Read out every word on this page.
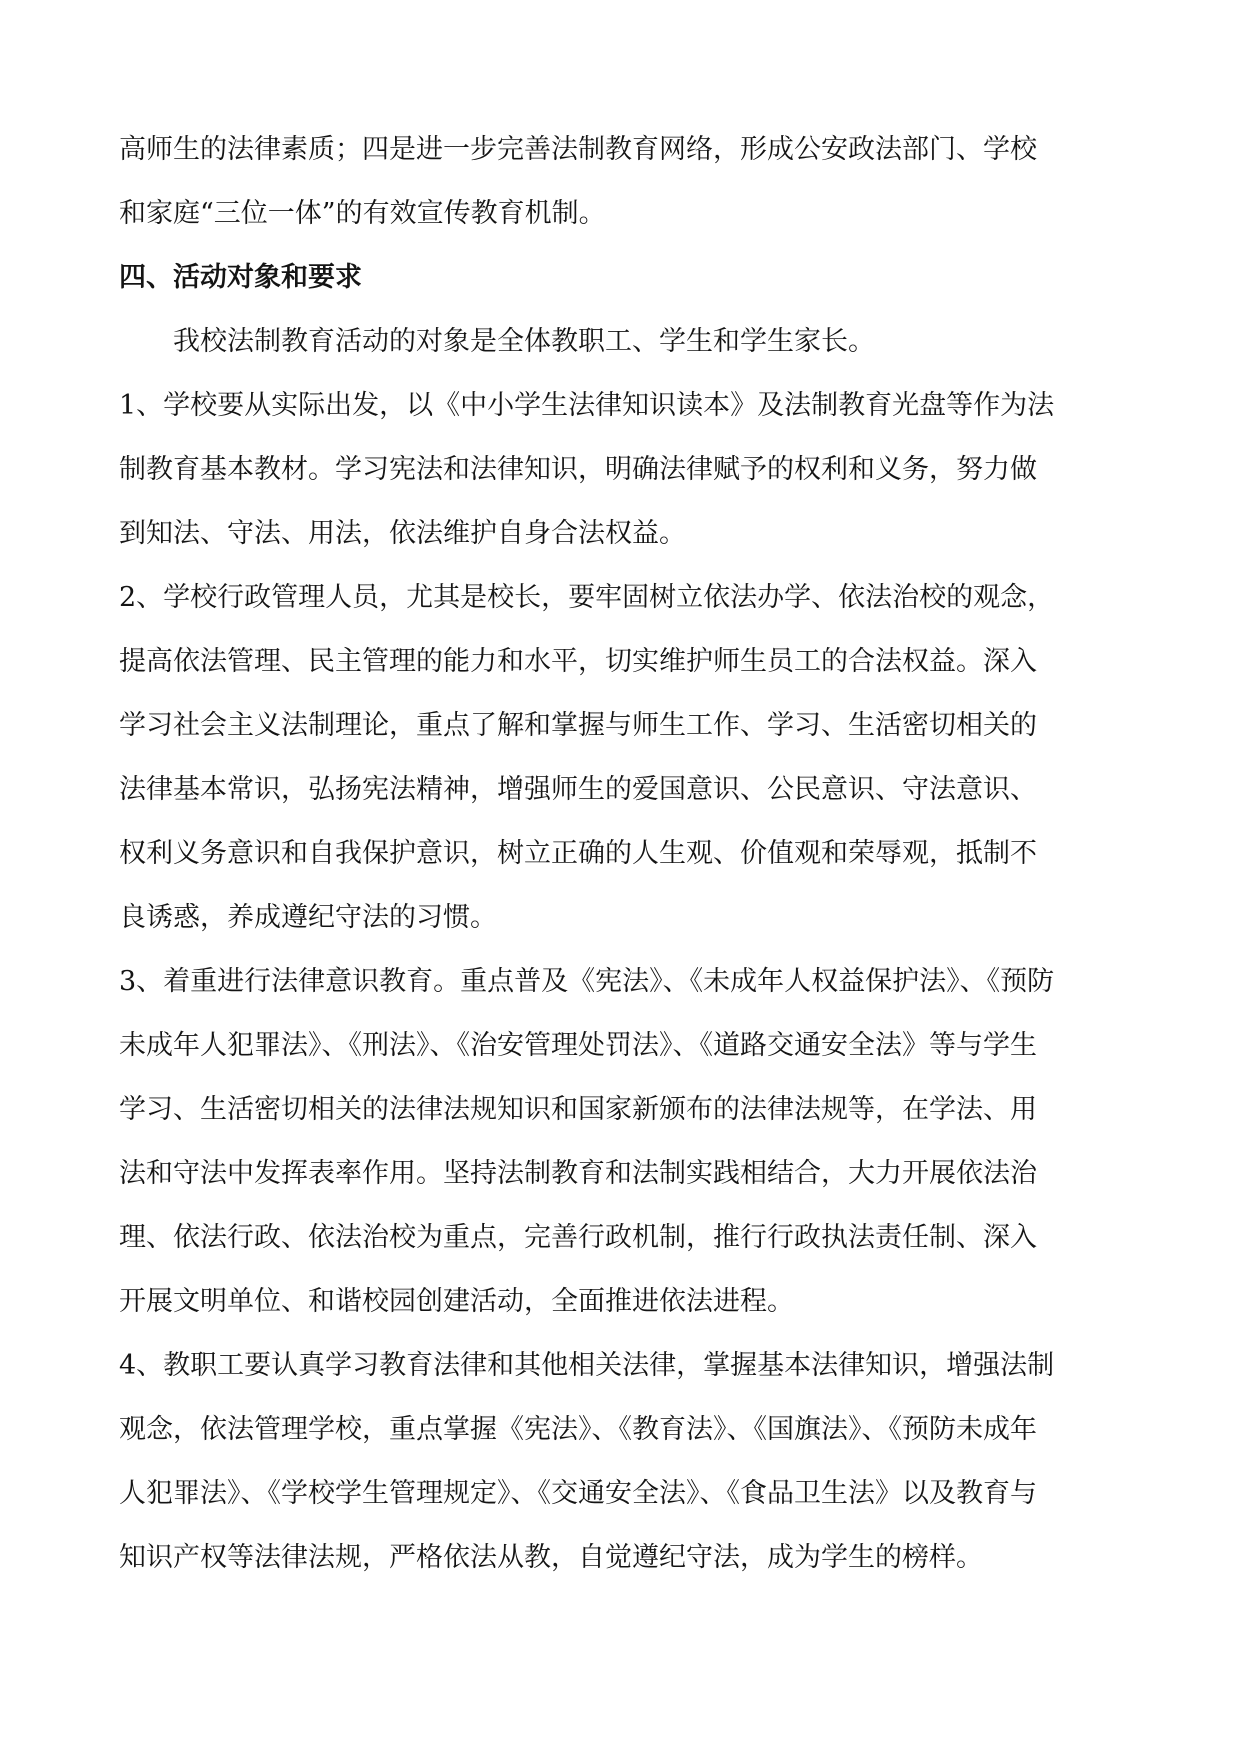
高师生的法律素质；四是进一步完善法制教育网络，形成公安政法部门、学校
和家庭“三位一体”的有效宣传教育机制。
四、活动对象和要求
我校法制教育活动的对象是全体教职工、学生和学生家长。
1、学校要从实际出发，以《中小学生法律知识读本》及法制教育光盘等作为法
制教育基本教材。学习宪法和法律知识，明确法律赋予的权利和义务，努力做
到知法、守法、用法，依法维护自身合法权益。
2、学校行政管理人员，尤其是校长，要牢固树立依法办学、依法治校的观念，
提高依法管理、民主管理的能力和水平，切实维护师生员工的合法权益。深入
学习社会主义法制理论，重点了解和掌握与师生工作、学习、生活密切相关的
法律基本常识，弘扬宪法精神，增强师生的爱国意识、公民意识、守法意识、
权利义务意识和自我保护意识，树立正确的人生观、价值观和荣辱观，抵制不
良诱惑，养成遵纪守法的习惯。
3、着重进行法律意识教育。重点普及《宪法》、《未成年人权益保护法》、《预防
未成年人犯罪法》、《刑法》、《治安管理处罚法》、《道路交通安全法》等与学生
学习、生活密切相关的法律法规知识和国家新颁布的法律法规等，在学法、用
法和守法中发挥表率作用。坚持法制教育和法制实践相结合，大力开展依法治
理、依法行政、依法治校为重点，完善行政机制，推行行政执法责任制、深入
开展文明单位、和谐校园创建活动，全面推进依法进程。
4、教职工要认真学习教育法律和其他相关法律，掌握基本法律知识，增强法制
观念，依法管理学校，重点掌握《宪法》、《教育法》、《国旗法》、《预防未成年
人犯罪法》、《学校学生管理规定》、《交通安全法》、《食品卫生法》以及教育与
知识产权等法律法规，严格依法从教，自觉遵纪守法，成为学生的榜样。
